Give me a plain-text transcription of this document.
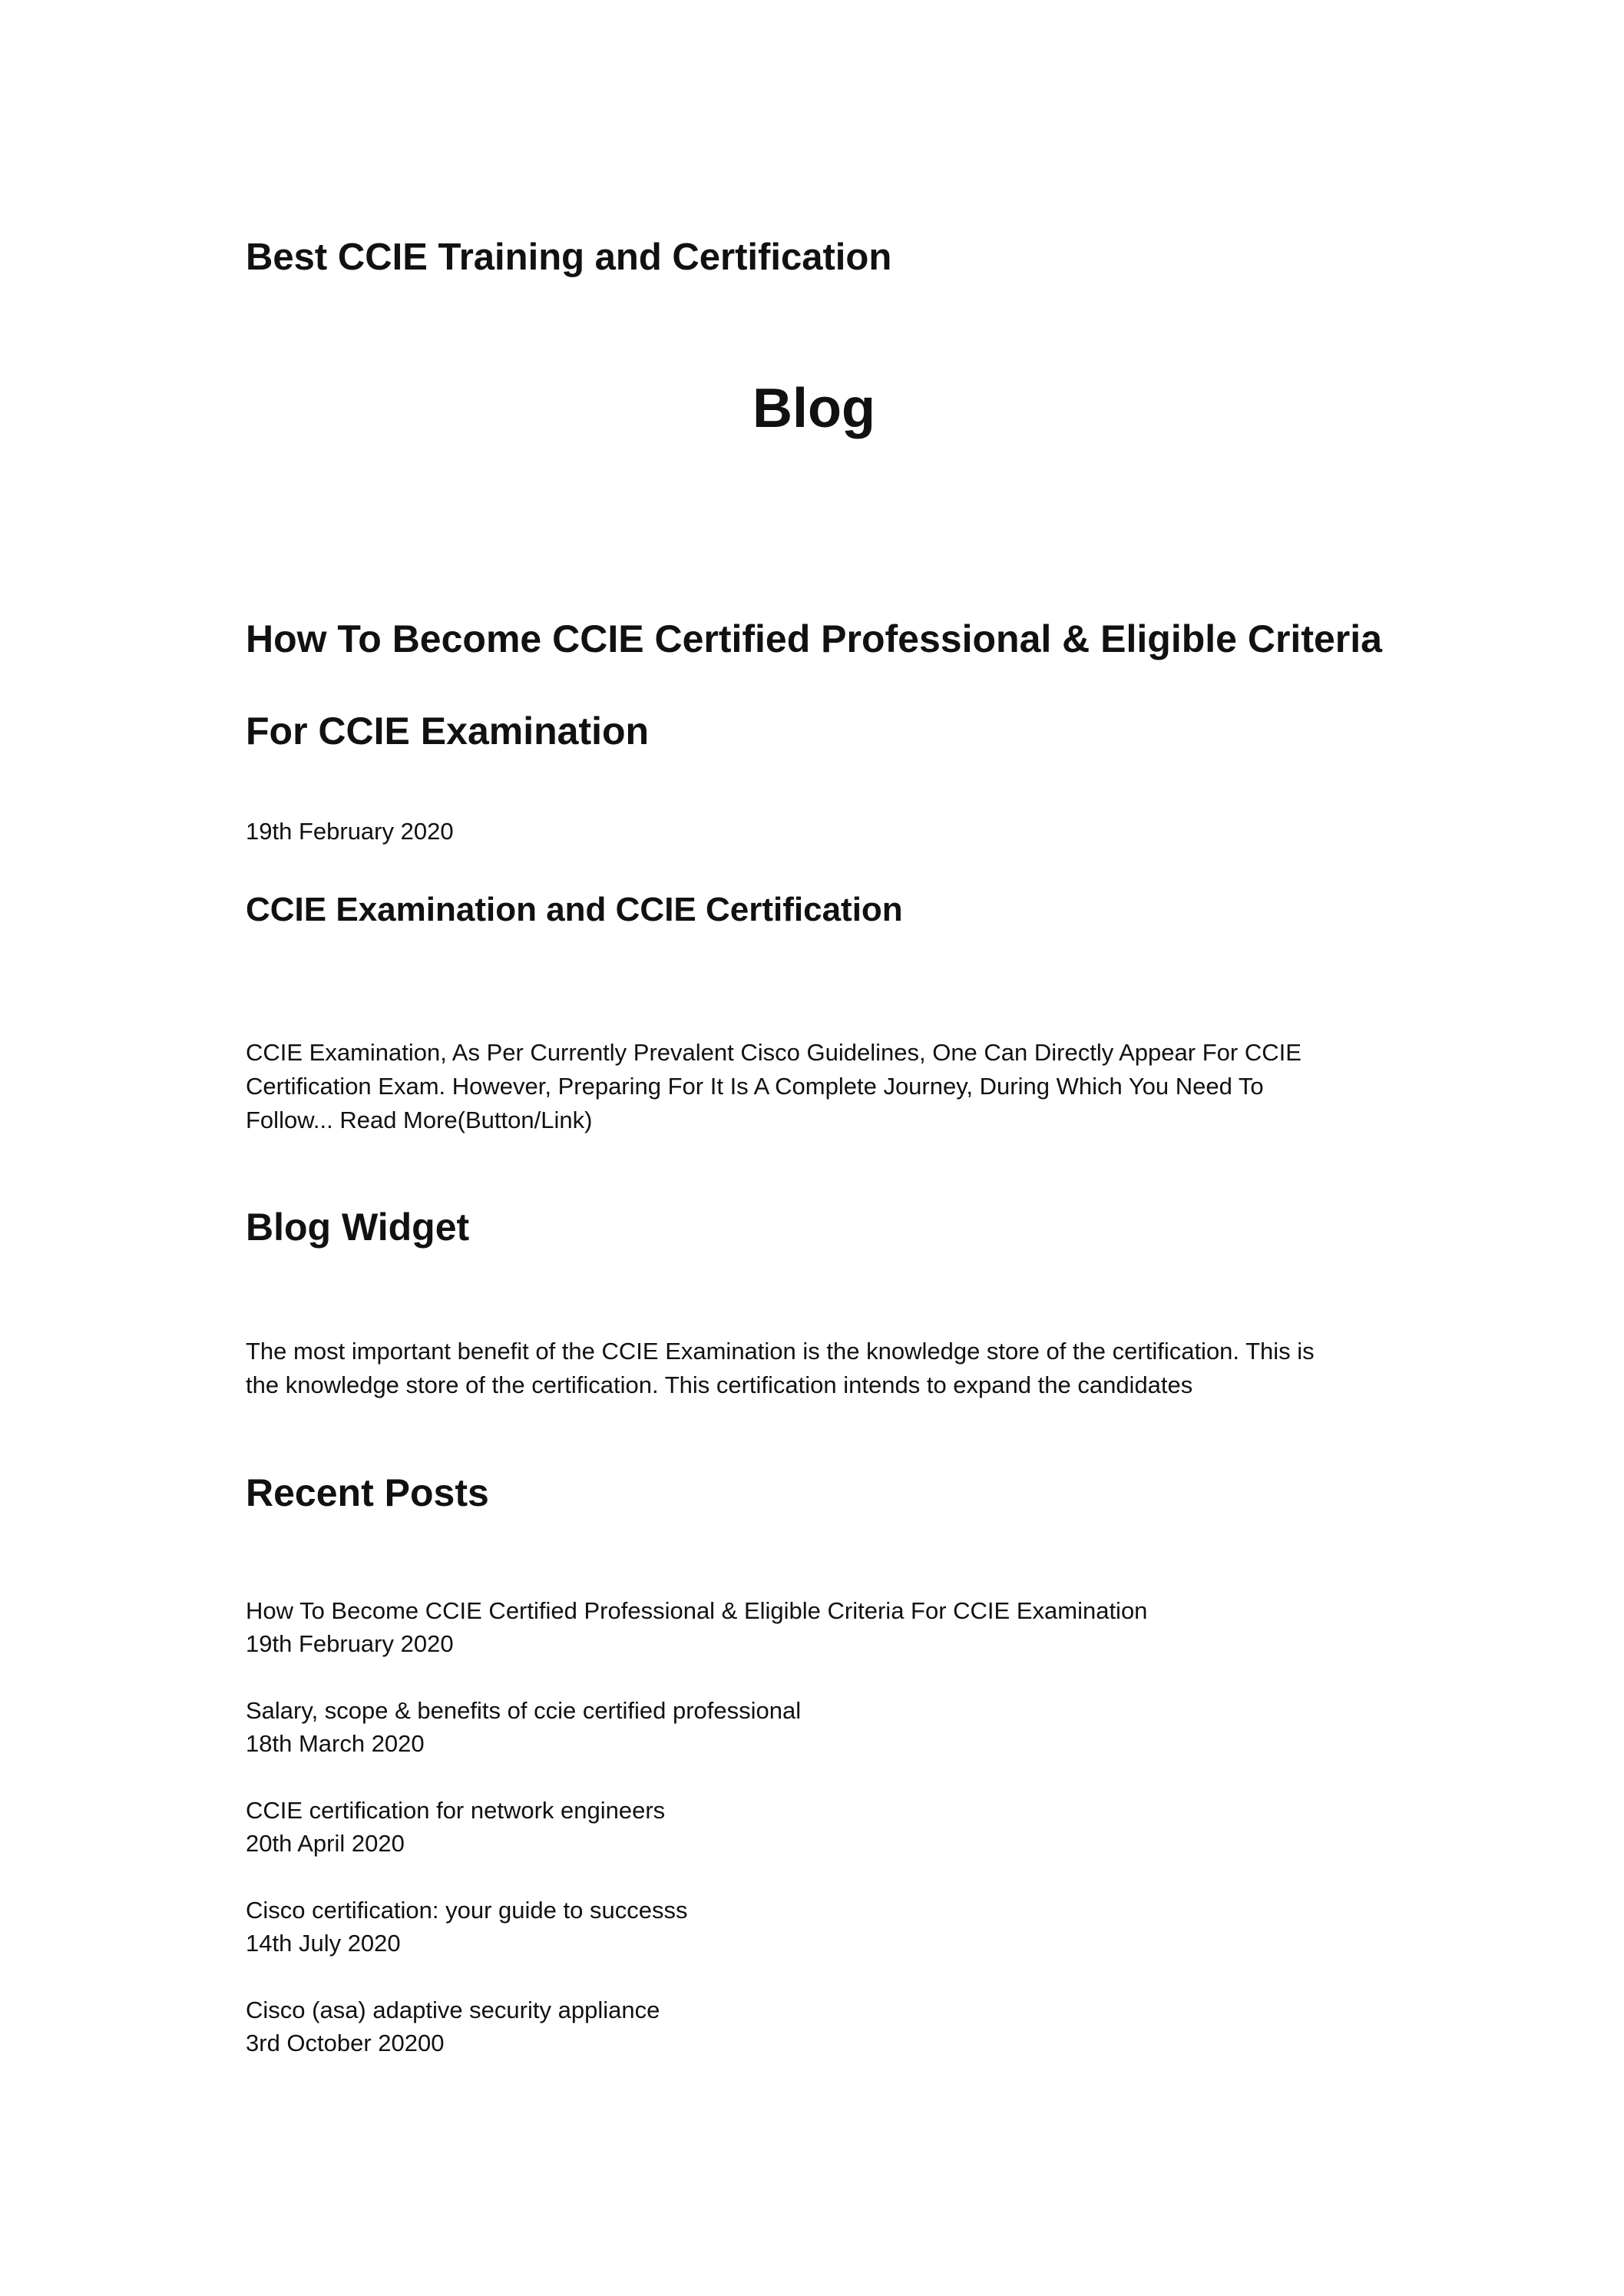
Best CCIE Training and Certification
Blog
How To Become CCIE Certified Professional & Eligible Criteria
For CCIE Examination
19th February 2020
CCIE Examination and CCIE Certification

CCIE Examination, As Per Currently Prevalent Cisco Guidelines, One Can Directly Appear For CCIE
Certification Exam. However, Preparing For It Is A Complete Journey, During Which You Need To
Follow... Read More(Button/Link)

Blog Widget

The most important benefit of the CCIE Examination is the knowledge store of the certification. This is
the knowledge store of the certification. This certification intends to expand the candidates

Recent Posts
How To Become CCIE Certified Professional & Eligible Criteria For CCIE Examination
19th February 2020
Salary, scope & benefits of ccie certified professional
18th March 2020
CCIE certification for network engineers
20th April 2020
Cisco certification: your guide to successs
14th July 2020
Cisco (asa) adaptive security appliance
3rd October 20200
